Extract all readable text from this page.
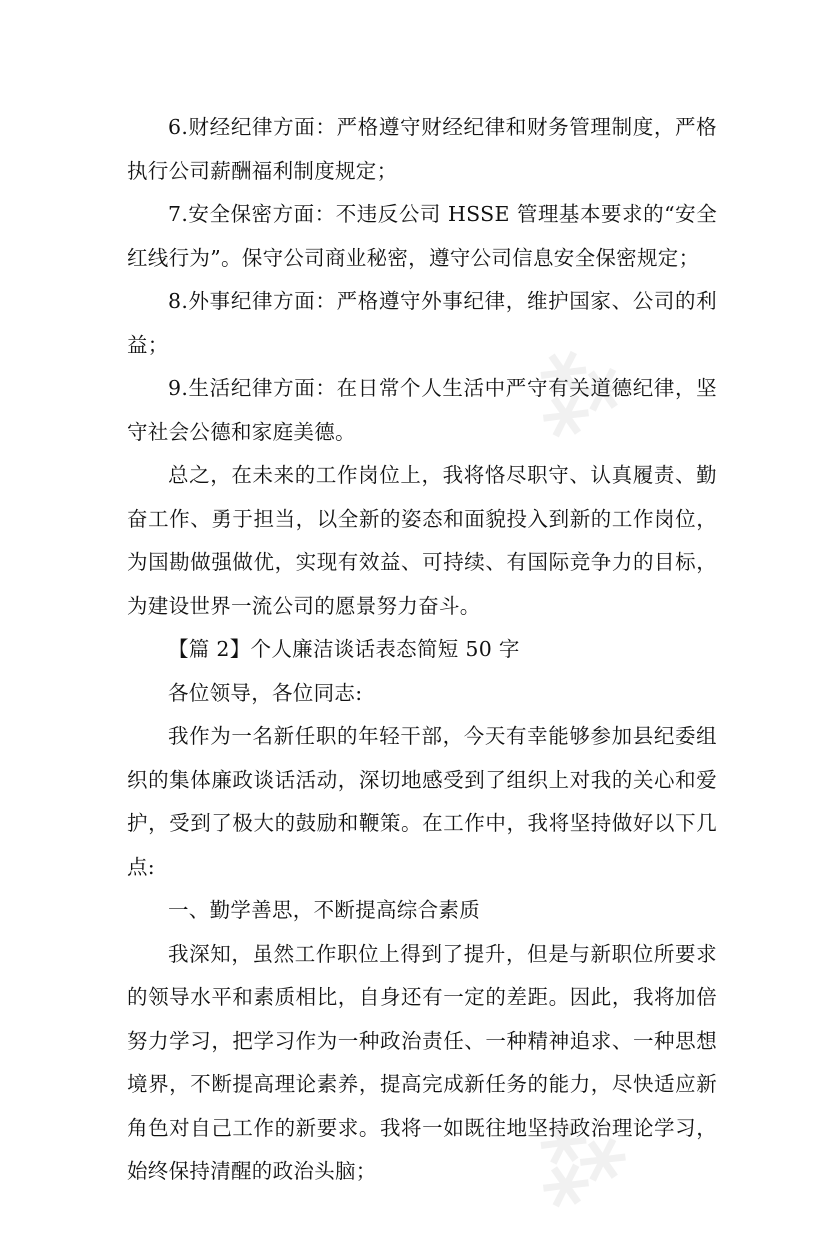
⁂
⁂

6.财经纪律方面：严格遵守财经纪律和财务管理制度，严格执行公司薪酬福利制度规定；

7.安全保密方面：不违反公司 HSSE 管理基本要求的“安全红线行为”。保守公司商业秘密，遵守公司信息安全保密规定；

8.外事纪律方面：严格遵守外事纪律，维护国家、公司的利益；

9.生活纪律方面：在日常个人生活中严守有关道德纪律，坚守社会公德和家庭美德。

总之，在未来的工作岗位上，我将恪尽职守、认真履责、勤奋工作、勇于担当，以全新的姿态和面貌投入到新的工作岗位，为国勘做强做优，实现有效益、可持续、有国际竞争力的目标，为建设世界一流公司的愿景努力奋斗。

【篇 2】个人廉洁谈话表态简短 50 字

各位领导，各位同志:

我作为一名新任职的年轻干部，今天有幸能够参加县纪委组织的集体廉政谈话活动，深切地感受到了组织上对我的关心和爱护，受到了极大的鼓励和鞭策。在工作中，我将坚持做好以下几点:

一、勤学善思，不断提高综合素质

我深知，虽然工作职位上得到了提升，但是与新职位所要求的领导水平和素质相比，自身还有一定的差距。因此，我将加倍努力学习，把学习作为一种政治责任、一种精神追求、一种思想境界，不断提高理论素养，提高完成新任务的能力，尽快适应新角色对自己工作的新要求。我将一如既往地坚持政治理论学习，始终保持清醒的政治头脑；
